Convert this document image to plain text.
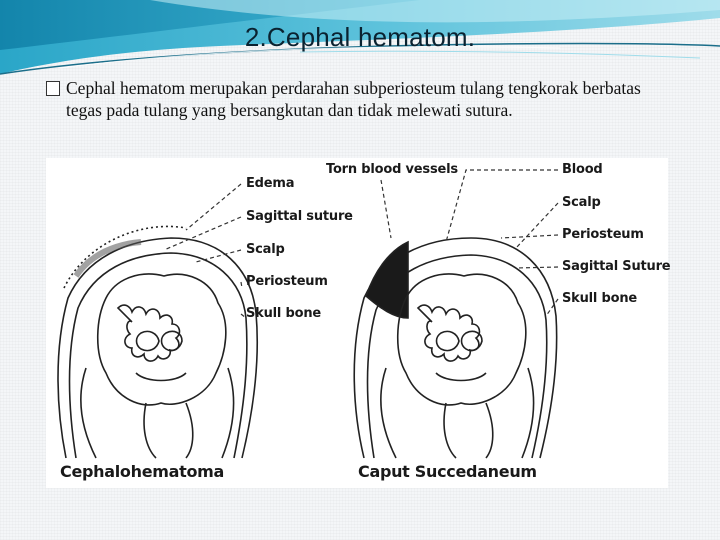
2.Cephal hematom.
Cephal hematom merupakan perdarahan subperiosteum tulang tengkorak berbatas tegas pada tulang yang bersangkutan dan tidak melewati sutura.
Edema
Sagittal suture
Scalp
Periosteum
Skull bone
Torn blood vessels	Blood
Scalp
Periosteum
Sagittal Suture
Skull bone
Cephalohematoma	Caput Succedaneum
